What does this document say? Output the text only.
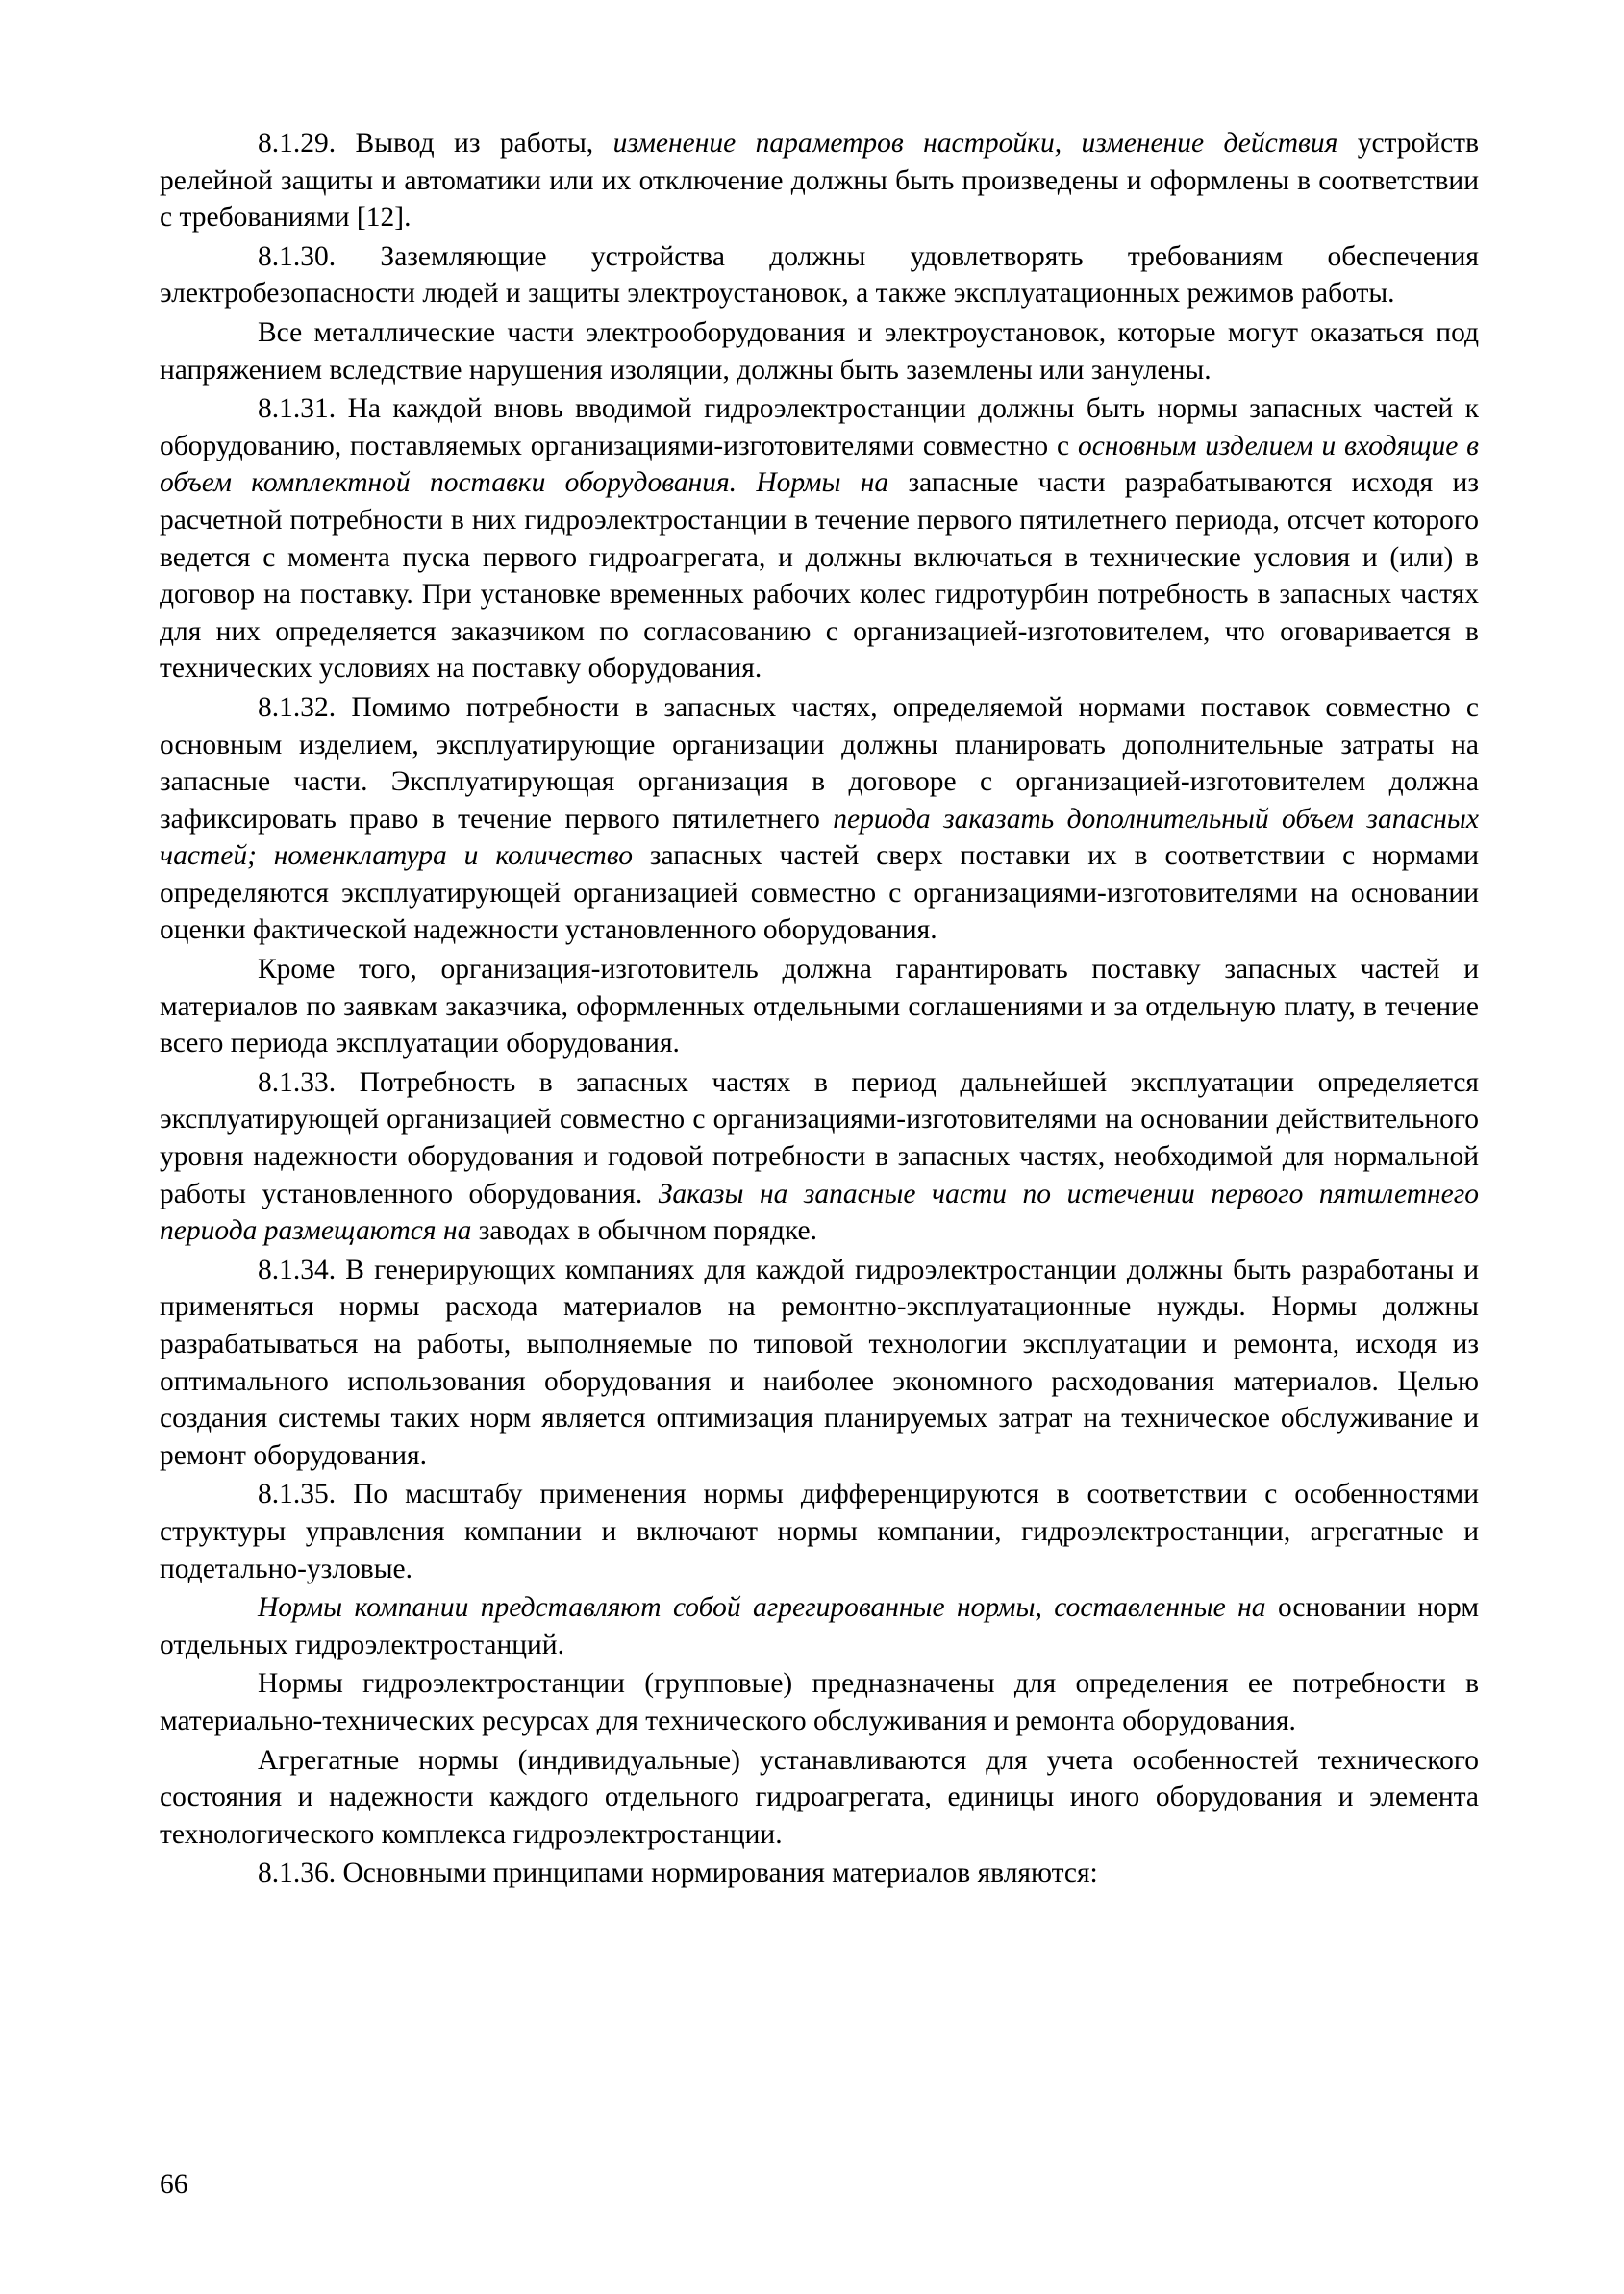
8.1.29. Вывод из работы, изменение параметров настройки, изменение действия устройств релейной защиты и автоматики или их отключение должны быть произведены и оформлены в соответствии с требованиями [12].

8.1.30. Заземляющие устройства должны удовлетворять требованиям обеспечения электробезопасности людей и защиты электроустановок, а также эксплуатационных режимов работы.

Все металлические части электрооборудования и электроустановок, которые могут оказаться под напряжением вследствие нарушения изоляции, должны быть заземлены или занулены.

8.1.31. На каждой вновь вводимой гидроэлектростанции должны быть нормы запасных частей к оборудованию, поставляемых организациями-изготовителями совместно с основным изделием и входящие в объем комплектной поставки оборудования. Нормы на запасные части разрабатываются исходя из расчетной потребности в них гидроэлектростанции в течение первого пятилетнего периода, отсчет которого ведется с момента пуска первого гидроагрегата, и должны включаться в технические условия и (или) в договор на поставку. При установке временных рабочих колес гидротурбин потребность в запасных частях для них определяется заказчиком по согласованию с организацией-изготовителем, что оговаривается в технических условиях на поставку оборудования.

8.1.32. Помимо потребности в запасных частях, определяемой нормами поставок совместно с основным изделием, эксплуатирующие организации должны планировать дополнительные затраты на запасные части. Эксплуатирующая организация в договоре с организацией-изготовителем должна зафиксировать право в течение первого пятилетнего периода заказать дополнительный объем запасных частей; номенклатура и количество запасных частей сверх поставки их в соответствии с нормами определяются эксплуатирующей организацией совместно с организациями-изготовителями на основании оценки фактической надежности установленного оборудования.

Кроме того, организация-изготовитель должна гарантировать поставку запасных частей и материалов по заявкам заказчика, оформленных отдельными соглашениями и за отдельную плату, в течение всего периода эксплуатации оборудования.

8.1.33. Потребность в запасных частях в период дальнейшей эксплуатации определяется эксплуатирующей организацией совместно с организациями-изготовителями на основании действительного уровня надежности оборудования и годовой потребности в запасных частях, необходимой для нормальной работы установленного оборудования. Заказы на запасные части по истечении первого пятилетнего периода размещаются на заводах в обычном порядке.

8.1.34. В генерирующих компаниях для каждой гидроэлектростанции должны быть разработаны и применяться нормы расхода материалов на ремонтно-эксплуатационные нужды. Нормы должны разрабатываться на работы, выполняемые по типовой технологии эксплуатации и ремонта, исходя из оптимального использования оборудования и наиболее экономного расходования материалов. Целью создания системы таких норм является оптимизация планируемых затрат на техническое обслуживание и ремонт оборудования.

8.1.35. По масштабу применения нормы дифференцируются в соответствии с особенностями структуры управления компании и включают нормы компании, гидроэлектростанции, агрегатные и подетально-узловые.

Нормы компании представляют собой агрегированные нормы, составленные на основании норм отдельных гидроэлектростанций.

Нормы гидроэлектростанции (групповые) предназначены для определения ее потребности в материально-технических ресурсах для технического обслуживания и ремонта оборудования.

Агрегатные нормы (индивидуальные) устанавливаются для учета особенностей технического состояния и надежности каждого отдельного гидроагрегата, единицы иного оборудования и элемента технологического комплекса гидроэлектростанции.

8.1.36. Основными принципами нормирования материалов являются:

66
